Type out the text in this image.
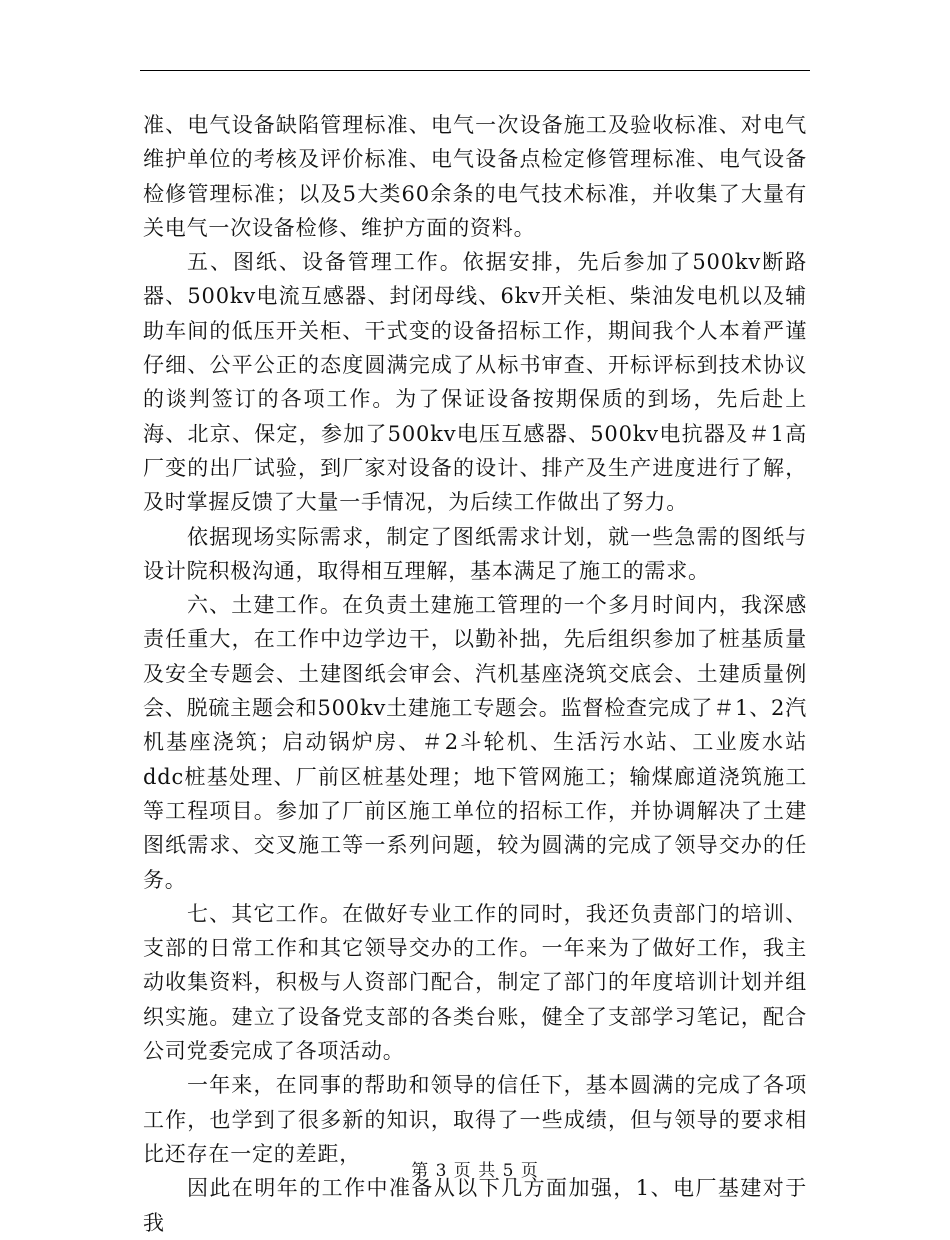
准、电气设备缺陷管理标准、电气一次设备施工及验收标准、对电气维护单位的考核及评价标准、电气设备点检定修管理标准、电气设备检修管理标准；以及5大类60余条的电气技术标准，并收集了大量有关电气一次设备检修、维护方面的资料。

五、图纸、设备管理工作。依据安排，先后参加了500kv断路器、500kv电流互感器、封闭母线、6kv开关柜、柴油发电机以及辅助车间的低压开关柜、干式变的设备招标工作，期间我个人本着严谨仔细、公平公正的态度圆满完成了从标书审查、开标评标到技术协议的谈判签订的各项工作。为了保证设备按期保质的到场，先后赴上海、北京、保定，参加了500kv电压互感器、500kv电抗器及＃1高厂变的出厂试验，到厂家对设备的设计、排产及生产进度进行了解，及时掌握反馈了大量一手情况，为后续工作做出了努力。

依据现场实际需求，制定了图纸需求计划，就一些急需的图纸与设计院积极沟通，取得相互理解，基本满足了施工的需求。

六、土建工作。在负责土建施工管理的一个多月时间内，我深感责任重大，在工作中边学边干，以勤补拙，先后组织参加了桩基质量及安全专题会、土建图纸会审会、汽机基座浇筑交底会、土建质量例会、脱硫主题会和500kv土建施工专题会。监督检查完成了＃1、2汽机基座浇筑；启动锅炉房、＃2斗轮机、生活污水站、工业废水站ddc桩基处理、厂前区桩基处理；地下管网施工；输煤廊道浇筑施工等工程项目。参加了厂前区施工单位的招标工作，并协调解决了土建图纸需求、交叉施工等一系列问题，较为圆满的完成了领导交办的任务。

七、其它工作。在做好专业工作的同时，我还负责部门的培训、支部的日常工作和其它领导交办的工作。一年来为了做好工作，我主动收集资料，积极与人资部门配合，制定了部门的年度培训计划并组织实施。建立了设备党支部的各类台账，健全了支部学习笔记，配合公司党委完成了各项活动。

一年来，在同事的帮助和领导的信任下，基本圆满的完成了各项工作，也学到了很多新的知识，取得了一些成绩，但与领导的要求相比还存在一定的差距，

因此在明年的工作中准备从以下几方面加强，1、电厂基建对于我

第 3 页 共 5 页
